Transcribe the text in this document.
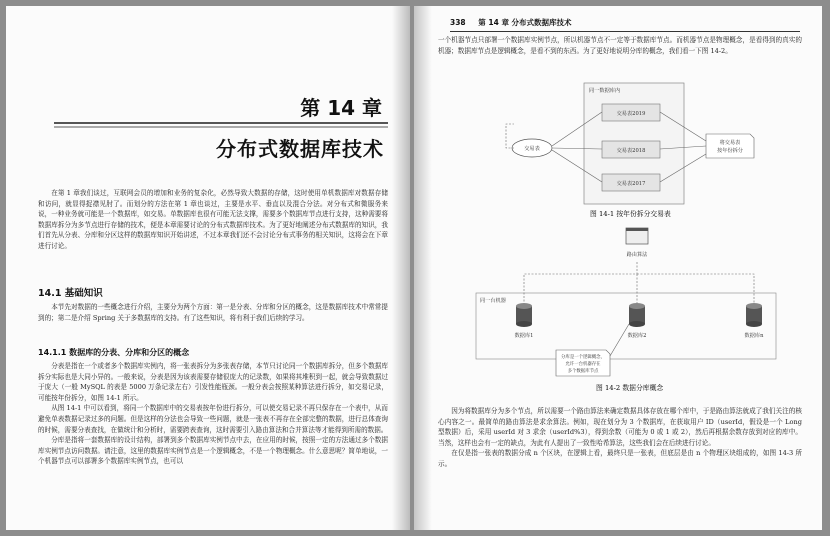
第 14 章
分布式数据库技术

在第 1 章我们谈过，互联网会员的增加和业务的复杂化，必然导致大数据的存储，这时使用单机数据库对数据存储和访问，就显得捉襟见肘了。而划分的方法在第 1 章也谈过，主要是水平、垂直以及混合分法。对分布式和微服务来说，一种业务就可能是一个数据库，如交易。单数据库也很有可能无法支撑，需要多个数据库节点进行支持，这种需要将数据库拆分为多节点进行存储的技术，便是本章需要讨论的分布式数据库技术。为了更好地阐述分布式数据库的知识，我们首先从分表、分库和分区这样的数据库知识开始讲述，不过本章我们还不会讨论分布式事务的相关知识，这将会在下章进行讨论。

14.1 基础知识

本节先对数据的一些概念进行介绍，主要分为两个方面：第一是分表、分库和分区的概念，这是数据库技术中常常提到的；第二是介绍 Spring 关于多数据库的支持。有了这些知识，将有利于我们后续的学习。

14.1.1 数据库的分表、分库和分区的概念

分表是指在一个或者多个数据库实例内，将一张表拆分为多张表存储，本节只讨论同一个数据库拆分，但多个数据库拆分实际也是大同小异的。一般来说，分表是因为该表需要存储很庞大的记录数，如果将其堆积到一起，就会导致数据过于庞大（一般 MySQL 的表是 5000 万条记录左右）引发性能瓶颈。一般分表会按照某种算法进行拆分，如交易记录，可能按年份拆分，如图 14-1 所示。

从图 14-1 中可以看到，将同一个数据库中的交易表按年份进行拆分，可以使交易记录不再只保存在一个表中，从而避免单表数据记录过多的问题。但是这样的分法也会导致一些问题，就是一张表不再存在全部完整的数据，进行总体查询的时候，需要分表查找，在做统计和分析时，需要跨表查询，这时需要引入路由算法和合并算法等才能得到所需的数据。

分库是指将一套数据库的设计结构，部署到多个数据库实例节点中去，在应用的时候，按照一定的方法通过多个数据库实例节点访问数据。请注意，这里的数据库实例节点是一个逻辑概念，不是一个物理概念。什么意思呢？简单地说，一个机器节点可以部署多个数据库实例节点，也可以

338 第 14 章 分布式数据库技术

一个机器节点只部署一个数据库实例节点，所以机器节点不一定等于数据库节点。而机器节点是物理概念，是看得到的真实的机器；数据库节点是逻辑概念，是看不到的东西。为了更好地说明分库的概念，我们看一下图 14-2。

同一数据库内
交易表
交易表2019
交易表2018
交易表2017
将交易表
按年份拆分
图 14-1 按年份拆分交易表
路由算法
同一台机器
数据库1	数据库2	数据库n
分库是一个逻辑概念，
允许一台机器存在
多个数据库节点
图 14-2 数据分库概念

因为将数据库分为多个节点，所以需要一个路由算法来确定数据具体存放在哪个库中，于是路由算法就成了我们关注的核心内容之一。最简单的路由算法是求余算法。例如，现在划分为 3 个数据库，在获取用户 ID（userId，假设是一个 Long 型数据）后，采用 userId 对 3 求余（userId%3），得到余数（可能为 0 或 1 或 2），然后再根据余数存放到对应的库中。当然，这样也会有一定的缺点，为此有人提出了一致性哈希算法，这些我们会在后续进行讨论。

在仅是指一张表的数据分成 n 个区块，在逻辑上看，最终只是一张表，但底层是由 n 个物理区块组成的，如图 14-3 所示。
